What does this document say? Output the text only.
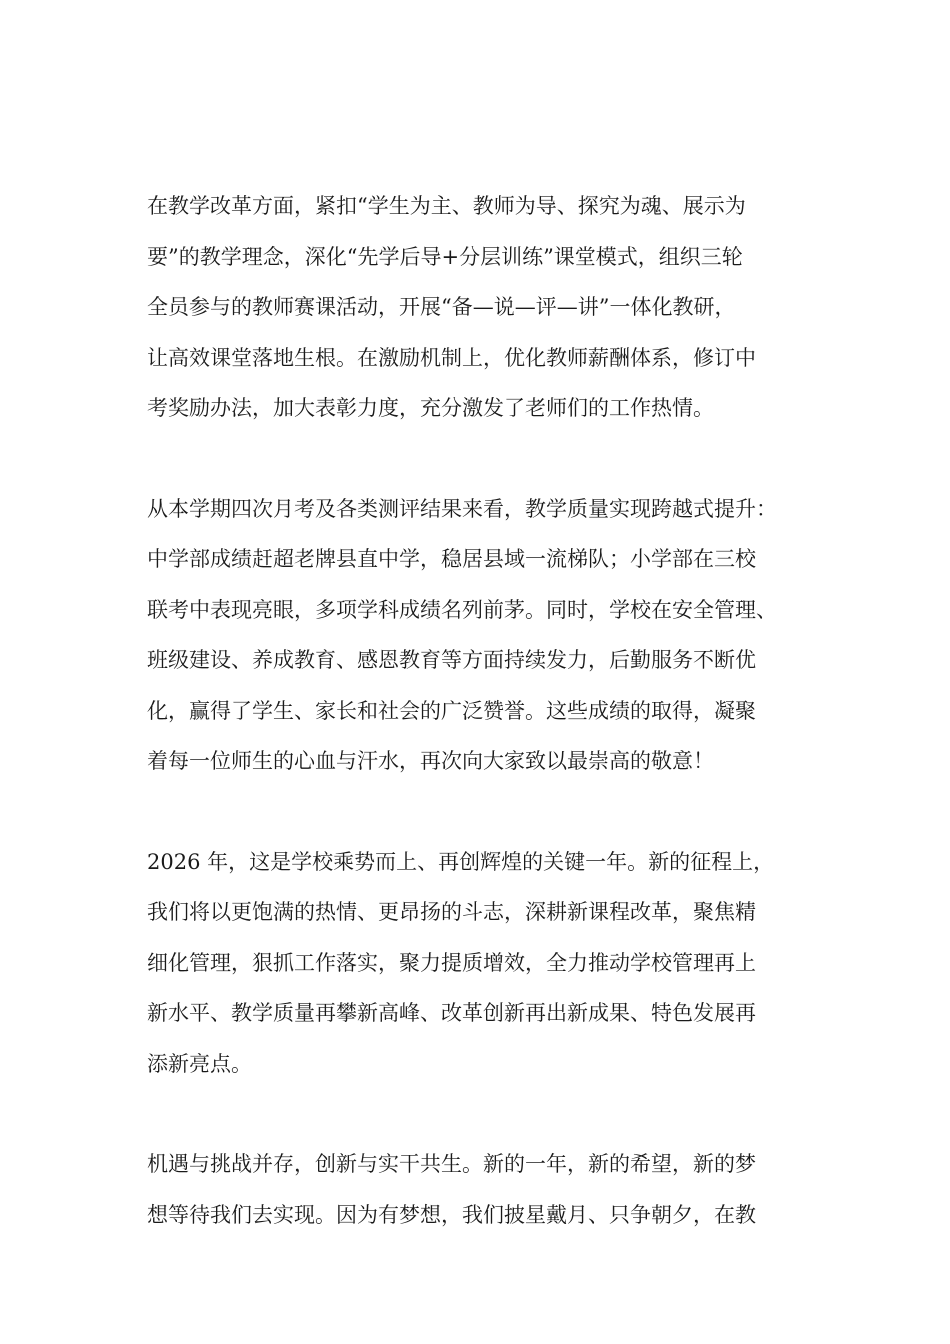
在教学改革方面，紧扣“学生为主、教师为导、探究为魂、展示为
要”的教学理念，深化“先学后导+分层训练”课堂模式，组织三轮
全员参与的教师赛课活动，开展“备—说—评—讲”一体化教研，
让高效课堂落地生根。在激励机制上，优化教师薪酬体系，修订中
考奖励办法，加大表彰力度，充分激发了老师们的工作热情。

从本学期四次月考及各类测评结果来看，教学质量实现跨越式提升：
中学部成绩赶超老牌县直中学，稳居县域一流梯队；小学部在三校
联考中表现亮眼，多项学科成绩名列前茅。同时，学校在安全管理、
班级建设、养成教育、感恩教育等方面持续发力，后勤服务不断优
化，赢得了学生、家长和社会的广泛赞誉。这些成绩的取得，凝聚
着每一位师生的心血与汗水，再次向大家致以最崇高的敬意！

2026 年，这是学校乘势而上、再创辉煌的关键一年。新的征程上，
我们将以更饱满的热情、更昂扬的斗志，深耕新课程改革，聚焦精
细化管理，狠抓工作落实，聚力提质增效，全力推动学校管理再上
新水平、教学质量再攀新高峰、改革创新再出新成果、特色发展再
添新亮点。

机遇与挑战并存，创新与实干共生。新的一年，新的希望，新的梦
想等待我们去实现。因为有梦想，我们披星戴月、只争朝夕，在教
